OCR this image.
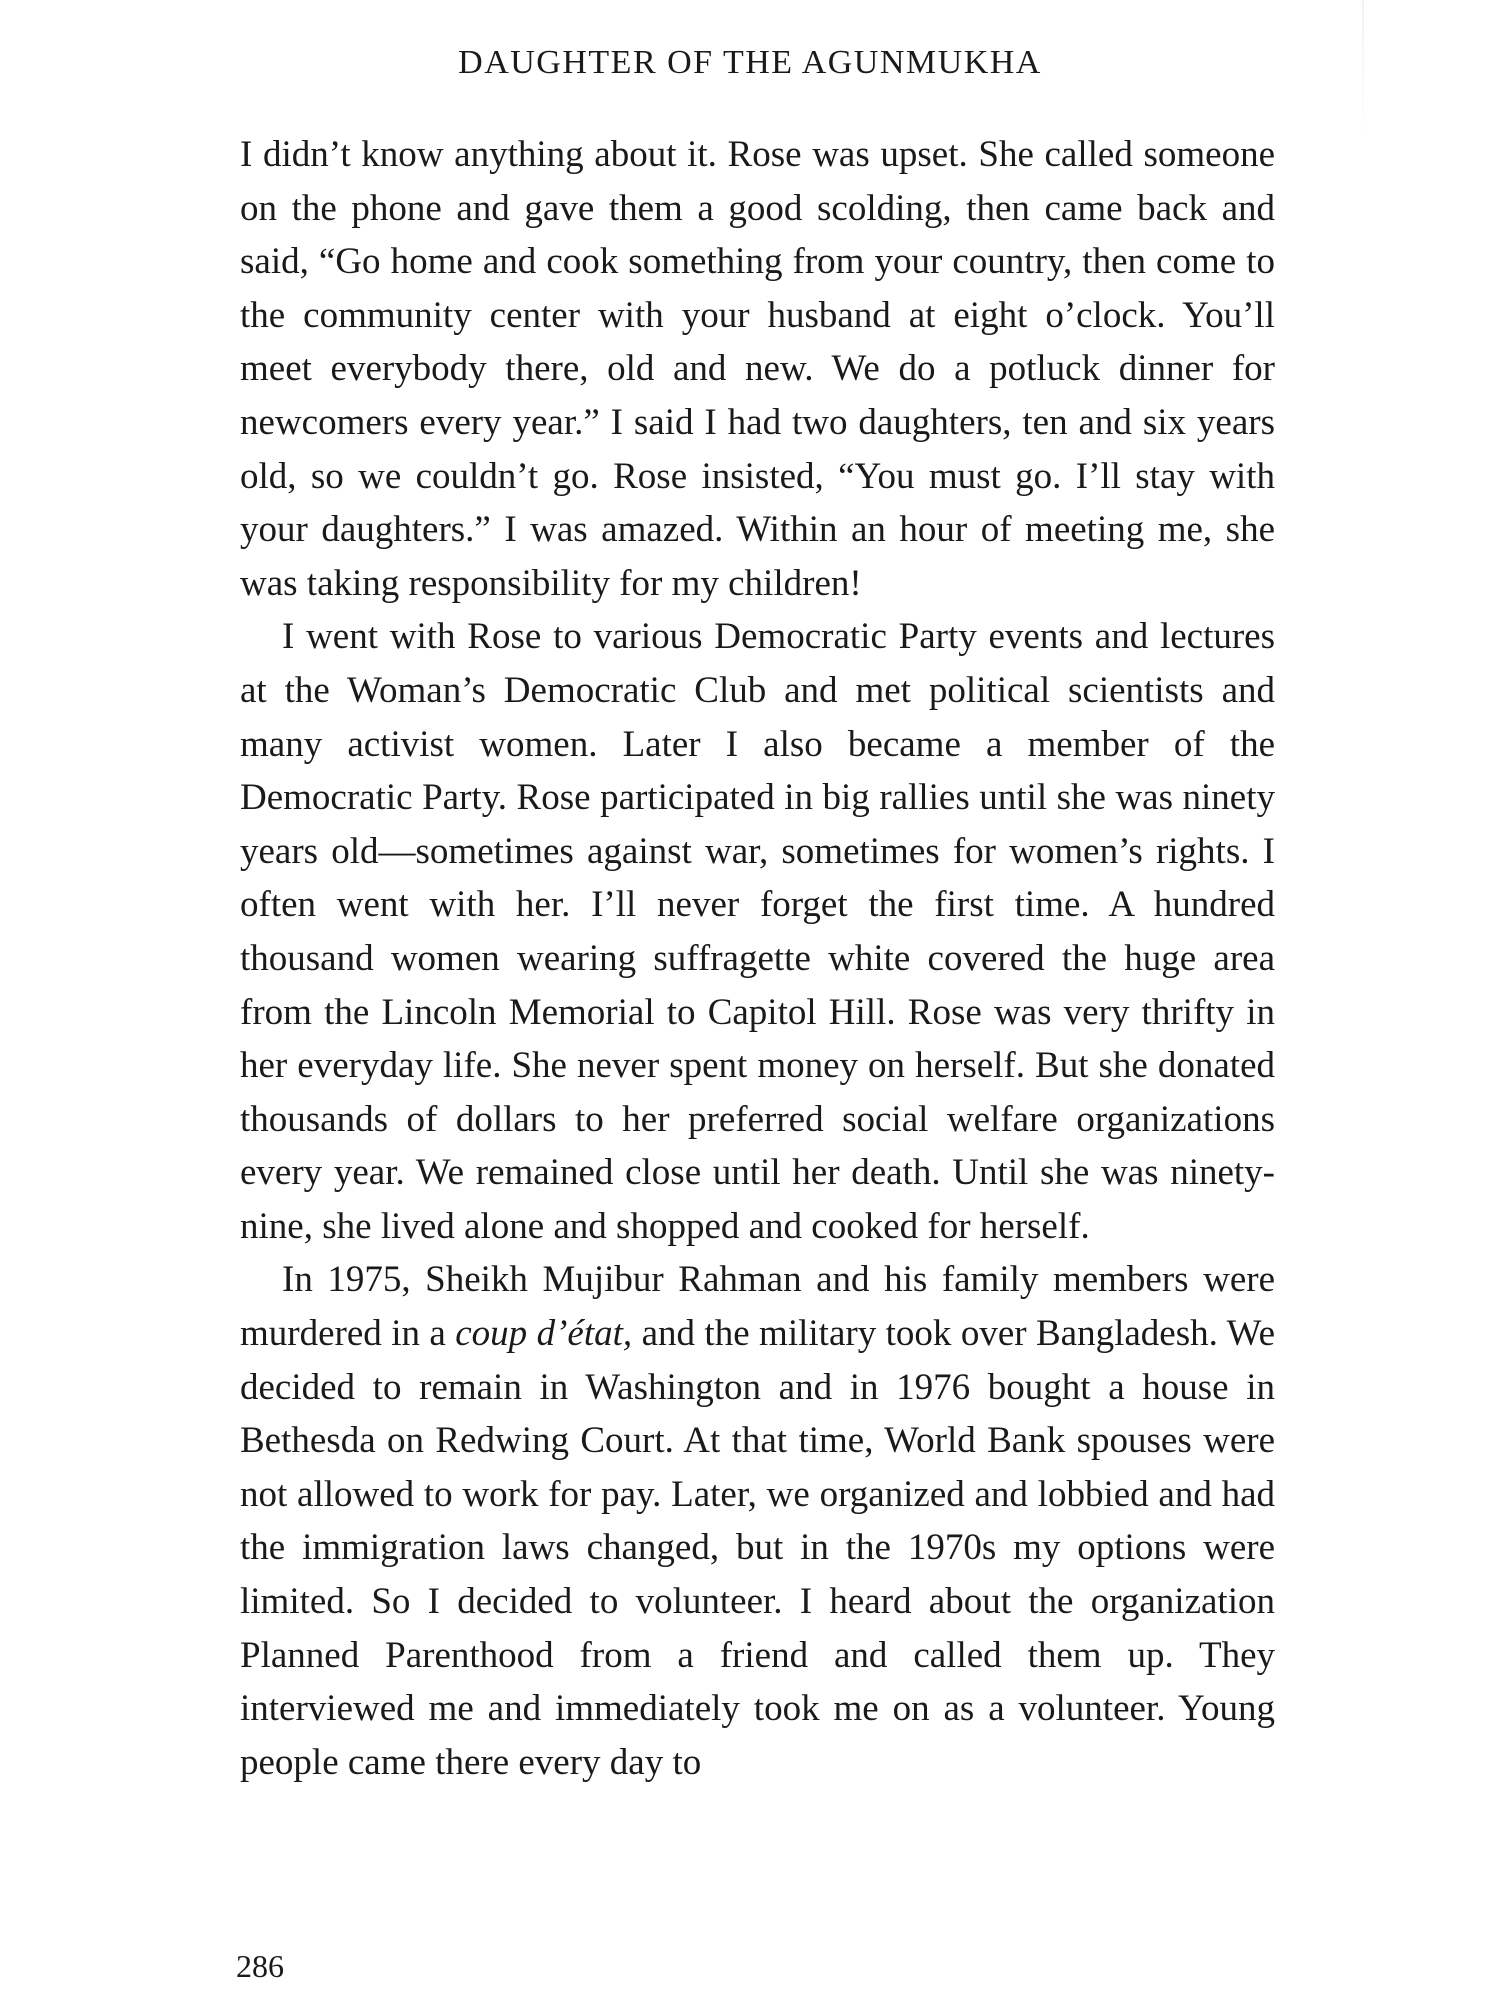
DAUGHTER OF THE AGUNMUKHA

I didn’t know anything about it. Rose was upset. She called someone on the phone and gave them a good scolding, then came back and said, “Go home and cook something from your country, then come to the community center with your husband at eight o’clock. You’ll meet everybody there, old and new. We do a potluck dinner for newcomers every year.” I said I had two daughters, ten and six years old, so we couldn’t go. Rose insisted, “You must go. I’ll stay with your daughters.” I was amazed. Within an hour of meeting me, she was taking responsibility for my children!

I went with Rose to various Democratic Party events and lectures at the Woman’s Democratic Club and met political scientists and many activist women. Later I also became a member of the Democratic Party. Rose participated in big rallies until she was ninety years old—sometimes against war, sometimes for women’s rights. I often went with her. I’ll never forget the first time. A hundred thousand women wearing suffragette white covered the huge area from the Lincoln Memorial to Capitol Hill. Rose was very thrifty in her everyday life. She never spent money on herself. But she donated thousands of dollars to her preferred social welfare organizations every year. We remained close until her death. Until she was ninety-nine, she lived alone and shopped and cooked for herself.

In 1975, Sheikh Mujibur Rahman and his family members were murdered in a coup d’état, and the military took over Bangladesh. We decided to remain in Washington and in 1976 bought a house in Bethesda on Redwing Court. At that time, World Bank spouses were not allowed to work for pay. Later, we organized and lobbied and had the immigration laws changed, but in the 1970s my options were limited. So I decided to volunteer. I heard about the organization Planned Parenthood from a friend and called them up. They interviewed me and immediately took me on as a volunteer. Young people came there every day to

286
